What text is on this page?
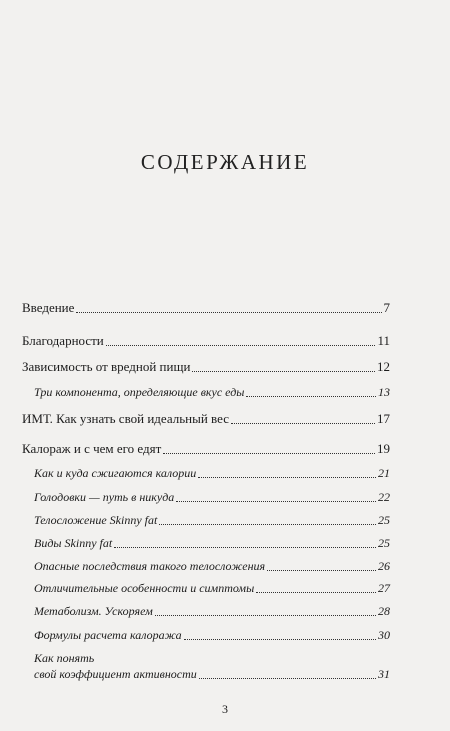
СОДЕРЖАНИЕ
Введение	7
Благодарности	11
Зависимость от вредной пищи	12
Три компонента, определяющие вкус еды	13
ИМТ. Как узнать свой идеальный вес	17
Калораж и с чем его едят	19
Как и куда сжигаются калории	21
Голодовки — путь в никуда	22
Телосложение Skinny fat	25
Виды Skinny fat	25
Опасные последствия такого телосложения	26
Отличительные особенности и симптомы	27
Метаболизм. Ускоряем	28
Формулы расчета калоража	30
Как понять
свой коэффициент активности	31
3
